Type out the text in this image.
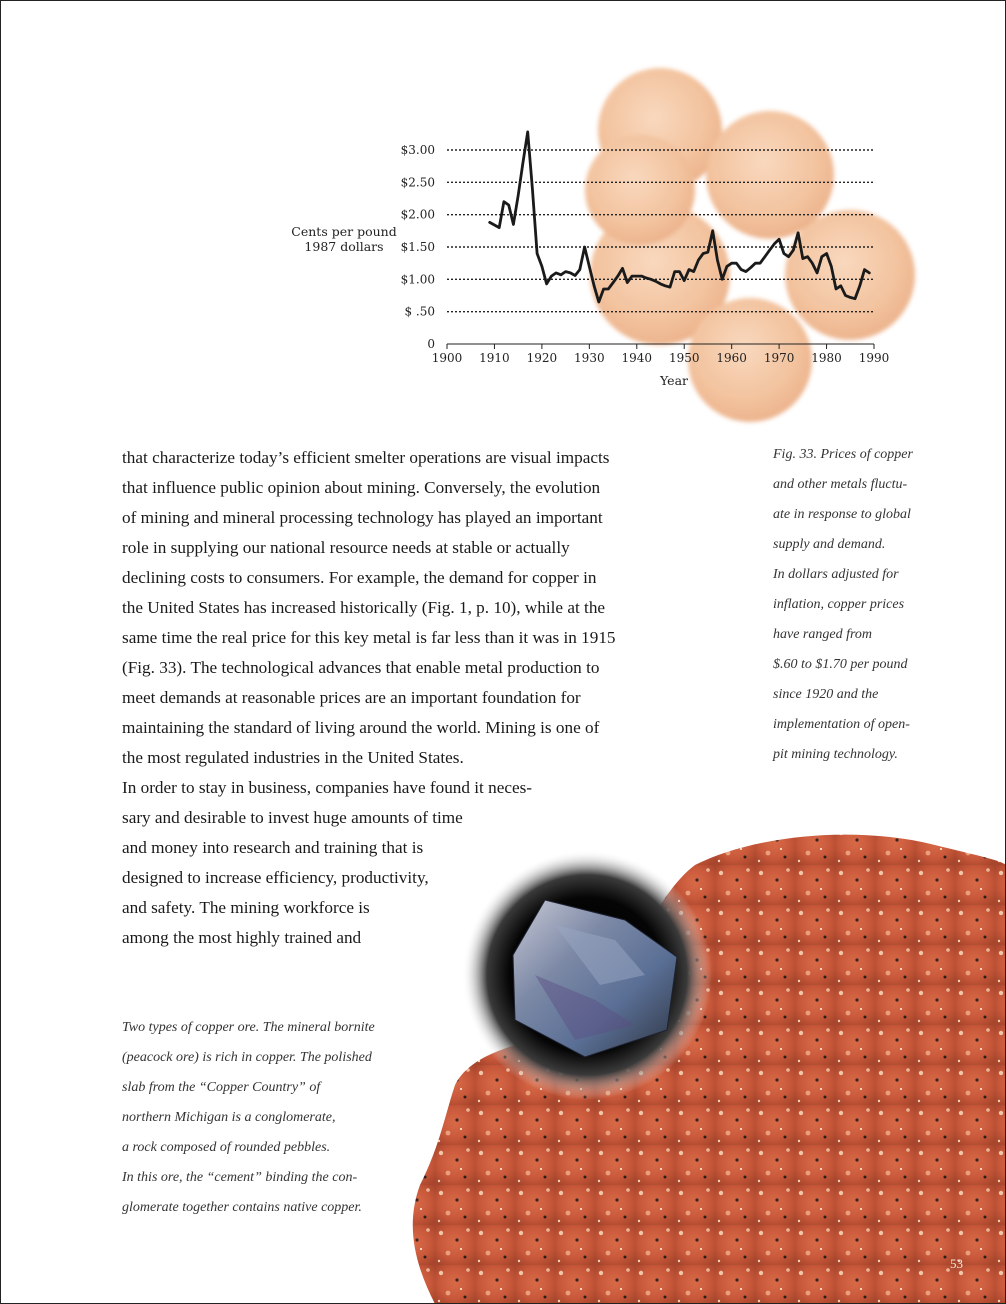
0
$ .50
$1.00
$1.50
$2.00
$2.50
$3.00
1900 1910 1920 1930 1940 1950 1960 1970 1980 1990
Year
Cents per pound
1987 dollars
that characterize today’s efficient smelter operations are visual impacts
that influence public opinion about mining. Conversely, the evolution
of mining and mineral processing technology has played an important
role in supplying our national resource needs at stable or actually
declining costs to consumers. For example, the demand for copper in
the United States has increased historically (Fig. 1, p. 10), while at the
same time the real price for this key metal is far less than it was in 1915
(Fig. 33). The technological advances that enable metal production to
meet demands at reasonable prices are an important foundation for
maintaining the standard of living around the world. Mining is one of
the most regulated industries in the United States.
In order to stay in business, companies have found it neces-
sary and desirable to invest huge amounts of time
and money into research and training that is
designed to increase efficiency, productivity,
and safety. The mining workforce is
among the most highly trained and
Fig. 33. Prices of copper
and other metals fluctu-
ate in response to global
supply and demand.
In dollars adjusted for
inflation, copper prices
have ranged from
$.60 to $1.70 per pound
since 1920 and the
implementation of open-
pit mining technology.
Two types of copper ore. The mineral bornite
(peacock ore) is rich in copper. The polished
slab from the “Copper Country” of
northern Michigan is a conglomerate,
a rock composed of rounded pebbles.
In this ore, the “cement” binding the con-
glomerate together contains native copper.
53
